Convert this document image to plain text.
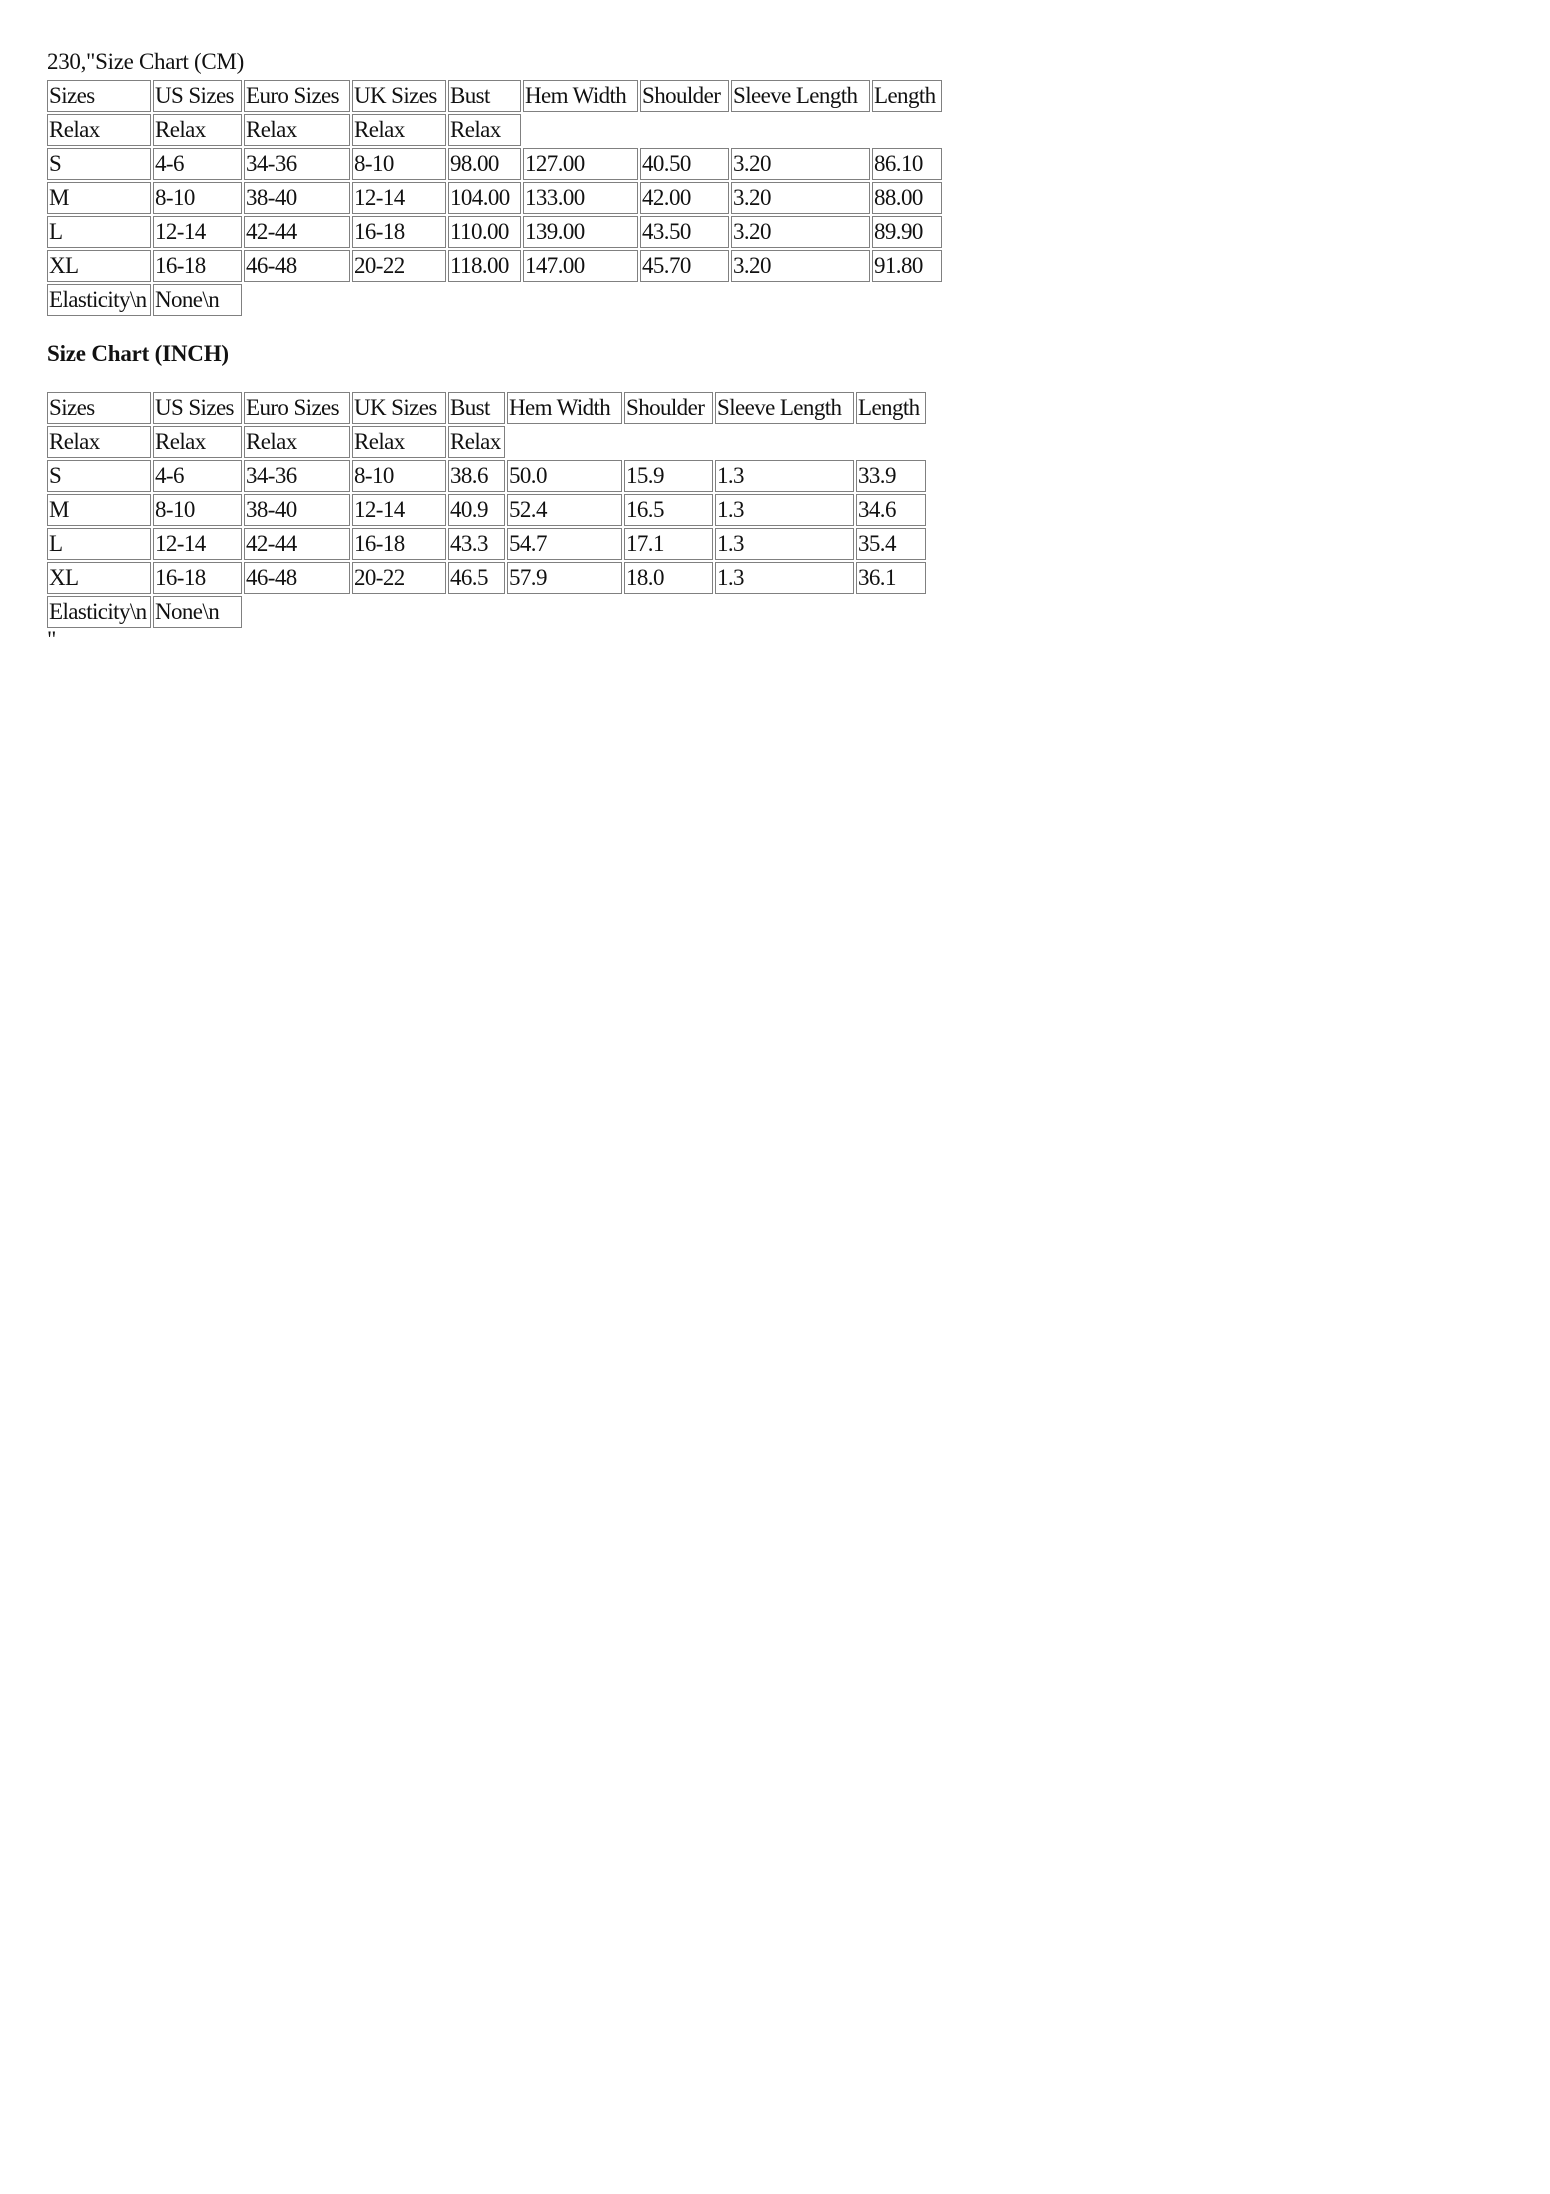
230,"Size Chart (CM)
Sizes	US Sizes	Euro Sizes	UK Sizes	Bust	Hem Width	Shoulder	Sleeve Length	Length
Relax	Relax	Relax	Relax	Relax				
S	4-6	34-36	8-10	98.00	127.00	40.50	3.20	86.10
M	8-10	38-40	12-14	104.00	133.00	42.00	3.20	88.00
L	12-14	42-44	16-18	110.00	139.00	43.50	3.20	89.90
XL	16-18	46-48	20-22	118.00	147.00	45.70	3.20	91.80
Elasticity\n	None\n							
Size Chart (INCH)
Sizes	US Sizes	Euro Sizes	UK Sizes	Bust	Hem Width	Shoulder	Sleeve Length	Length
Relax	Relax	Relax	Relax	Relax				
S	4-6	34-36	8-10	38.6	50.0	15.9	1.3	33.9
M	8-10	38-40	12-14	40.9	52.4	16.5	1.3	34.6
L	12-14	42-44	16-18	43.3	54.7	17.1	1.3	35.4
XL	16-18	46-48	20-22	46.5	57.9	18.0	1.3	36.1
Elasticity\n	None\n							
"
